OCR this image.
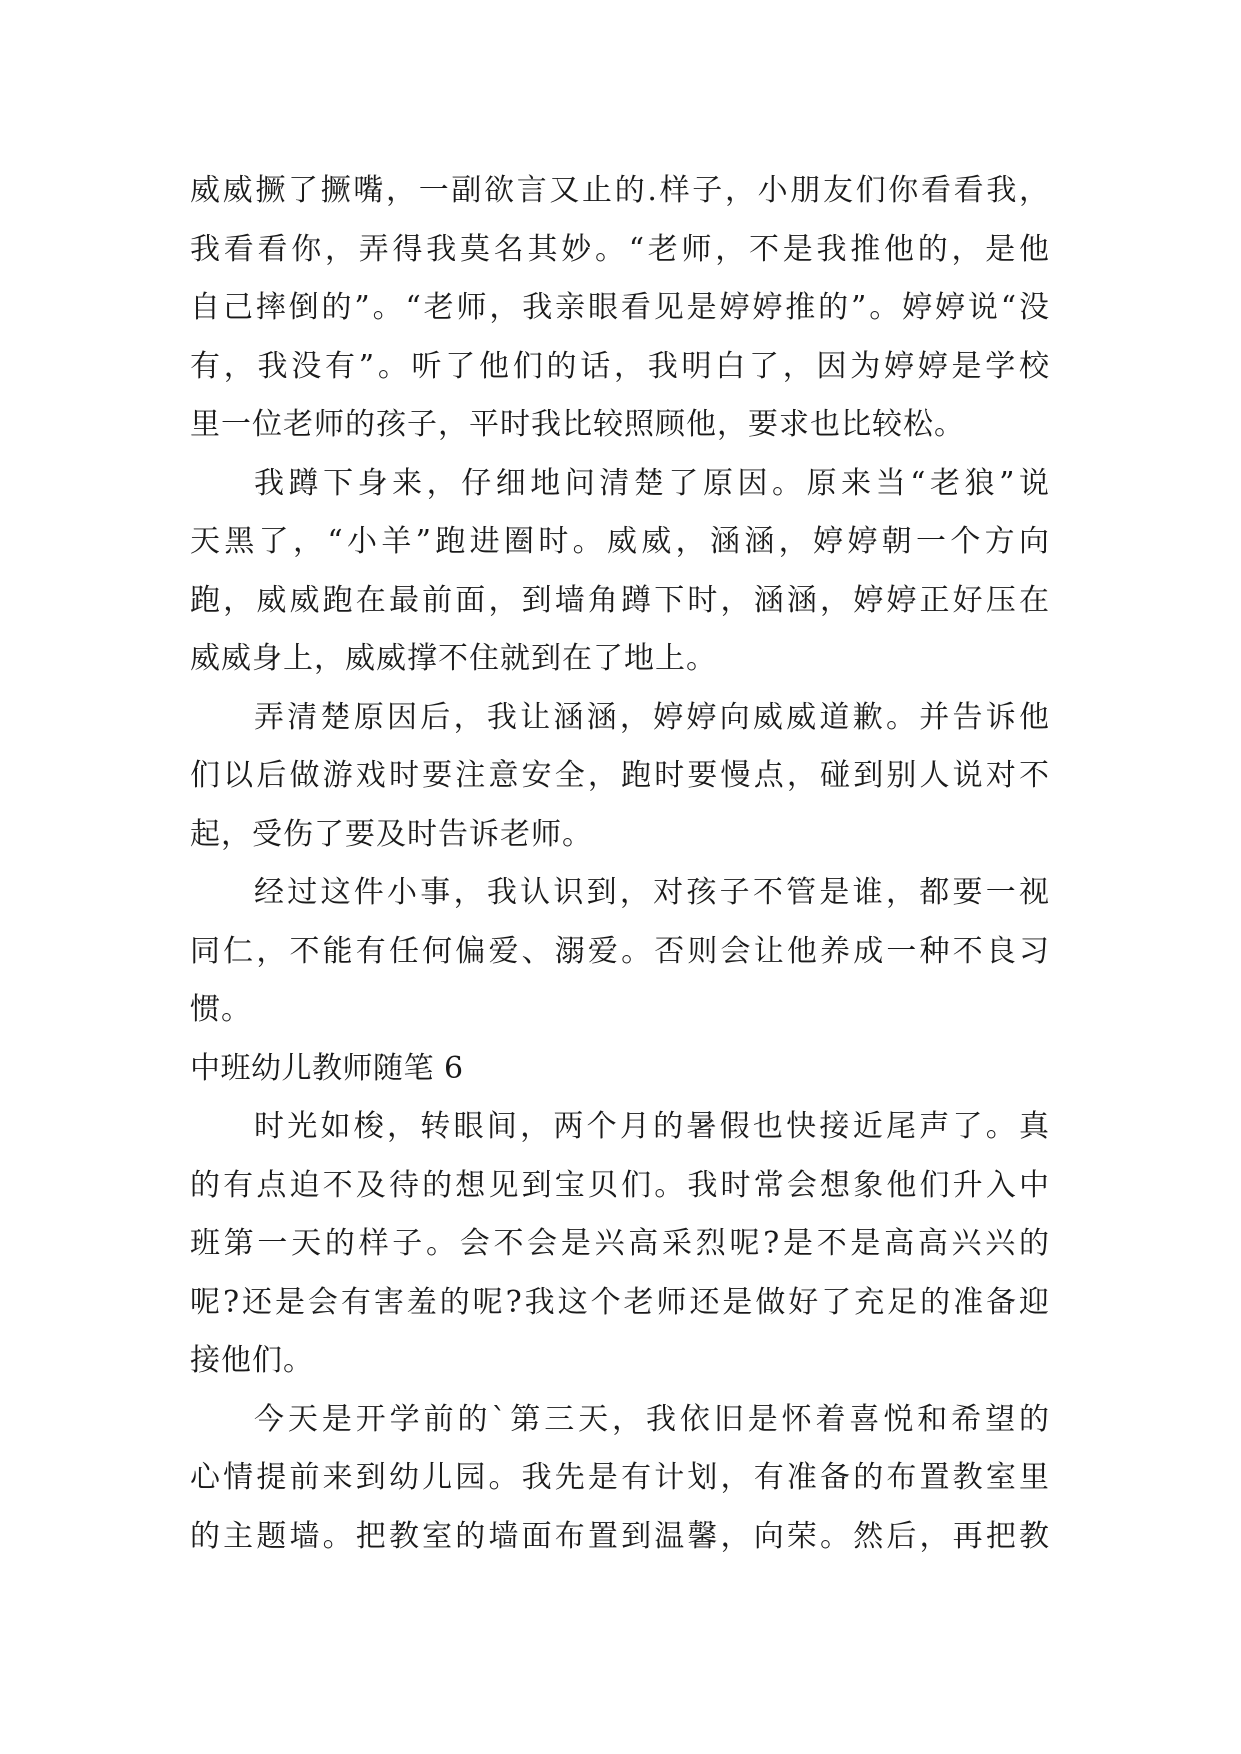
威威撅了撅嘴，一副欲言又止的.样子，小朋友们你看看我，
我看看你，弄得我莫名其妙。“老师，不是我推他的，是他
自己摔倒的”。“老师，我亲眼看见是婷婷推的”。婷婷说“没
有，我没有”。听了他们的话，我明白了，因为婷婷是学校
里一位老师的孩子，平时我比较照顾他，要求也比较松。
我蹲下身来，仔细地问清楚了原因。原来当“老狼”说
天黑了，“小羊”跑进圈时。威威，涵涵，婷婷朝一个方向
跑，威威跑在最前面，到墙角蹲下时，涵涵，婷婷正好压在
威威身上，威威撑不住就到在了地上。
弄清楚原因后，我让涵涵，婷婷向威威道歉。并告诉他
们以后做游戏时要注意安全，跑时要慢点，碰到别人说对不
起，受伤了要及时告诉老师。
经过这件小事，我认识到，对孩子不管是谁，都要一视
同仁，不能有任何偏爱、溺爱。否则会让他养成一种不良习
惯。
中班幼儿教师随笔 6
时光如梭，转眼间，两个月的暑假也快接近尾声了。真
的有点迫不及待的想见到宝贝们。我时常会想象他们升入中
班第一天的样子。会不会是兴高采烈呢?是不是高高兴兴的
呢?还是会有害羞的呢?我这个老师还是做好了充足的准备迎
接他们。
今天是开学前的`第三天，我依旧是怀着喜悦和希望的
心情提前来到幼儿园。我先是有计划，有准备的布置教室里
的主题墙。把教室的墙面布置到温馨，向荣。然后，再把教
